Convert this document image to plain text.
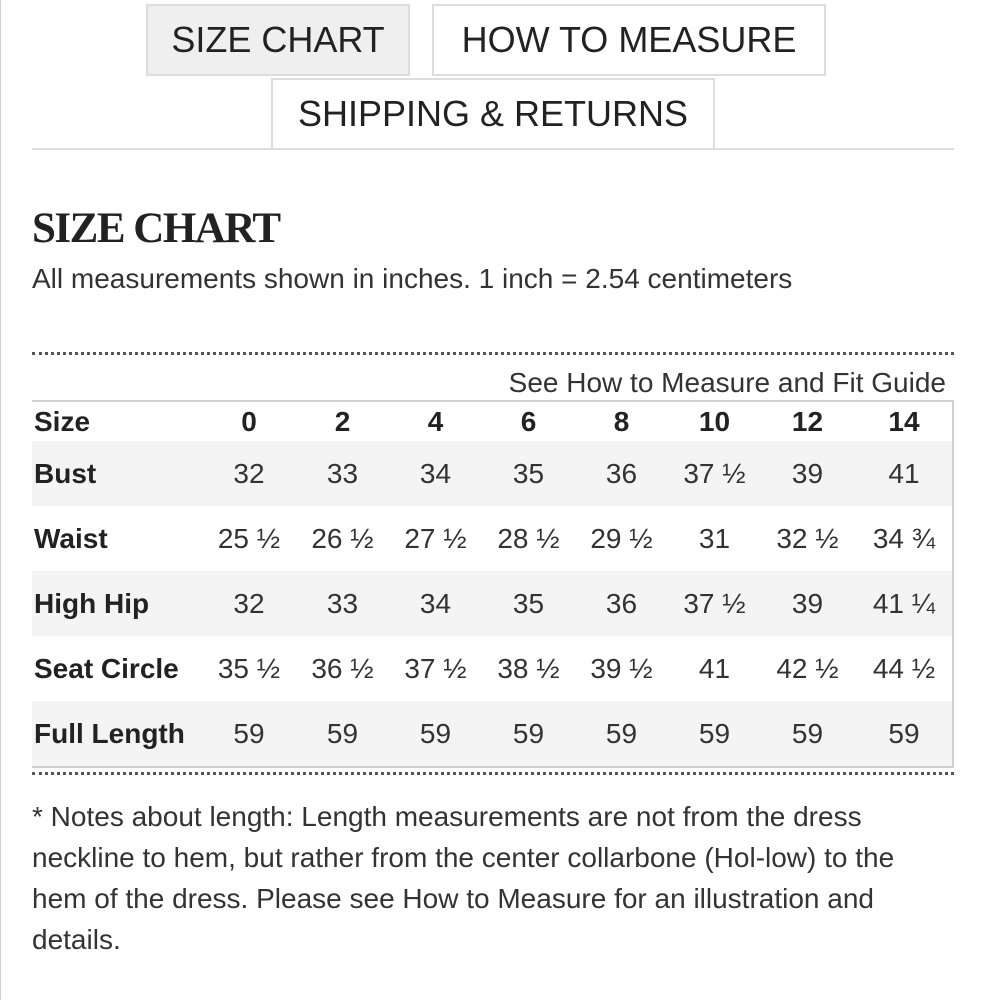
SIZE CHART	HOW TO MEASURE
SHIPPING & RETURNS
SIZE CHART
All measurements shown in inches. 1 inch = 2.54 centimeters
See How to Measure and Fit Guide
Size	0	2	4	6	8	10	12	14
Bust	32	33	34	35	36	37 ½	39	41
Waist	25 ½	26 ½	27 ½	28 ½	29 ½	31	32 ½	34 ¾
High Hip	32	33	34	35	36	37 ½	39	41 ¼
Seat Circle	35 ½	36 ½	37 ½	38 ½	39 ½	41	42 ½	44 ½
Full Length	59	59	59	59	59	59	59	59

* Notes about length: Length measurements are not from the dress neckline to hem, but rather from the center collarbone (Hol-low) to the hem of the dress. Please see How to Measure for an illustration and details.
